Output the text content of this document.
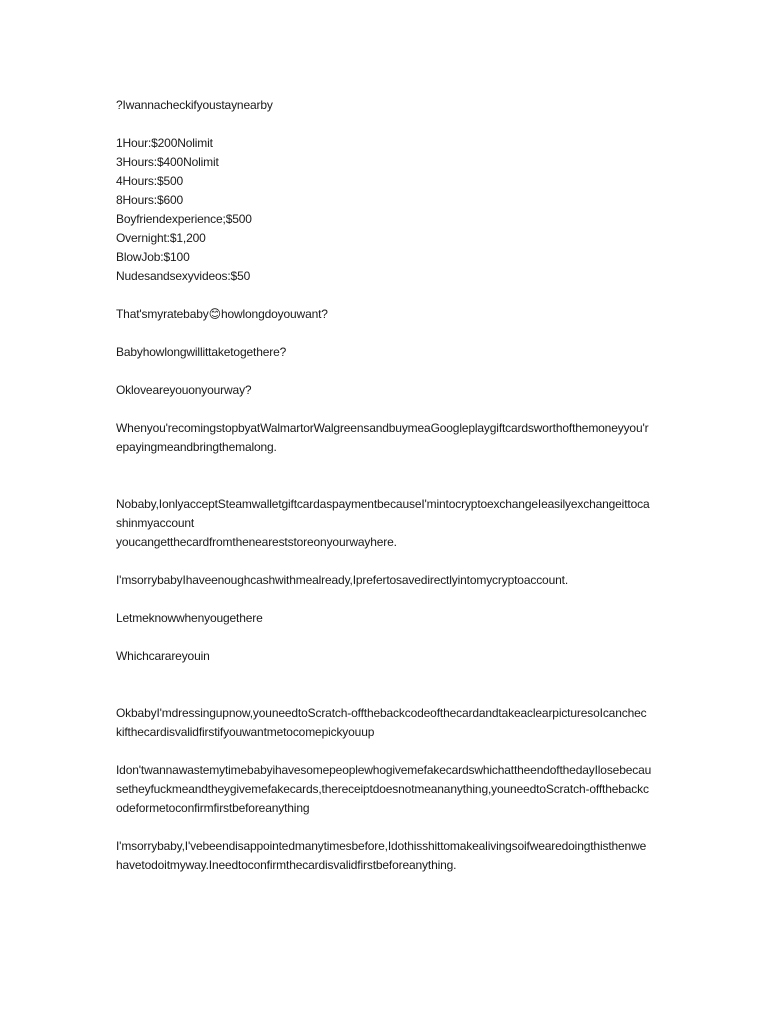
?Iwannacheckifyoustaynearby
1Hour:$200Nolimit
3Hours:$400Nolimit
4Hours:$500
8Hours:$600
Boyfriendexperience;$500
Overnight:$1,200
BlowJob:$100
Nudesandsexyvideos:$50
That'smyratebaby😊howlongdoyouwant?
Babyhowlongwillittaketogethere?
Okloveareyouonyourway?
Whenyou'recomingstopbyatWalmartorWalgreensandbuymeaGoogleplaygiftcardsworthofthemoneyyou'repayingmeandbringthemalong.
Nobaby,IonlyacceptSteamwalletgiftcardaspaymentbecauseI'mintocryptoexchangeIeasilyexchangeittocashinmyaccount
youcangetthecardfromtheneareststoreonyourwayhere.
I'msorrybabyIhaveenoughcashwithmealready,Iprefertosavedirectlyintomycryptoaccount.
Letmeknowwhenyougethere
Whichcarareyouin
OkbabyI'mdressingupnow,youneedtoScratch-offthebackcodeofthecardandtakeaclearpicturesoIcancheckifthecardisvalidfirstifyouwantmetocomepickyouup
Idon'twannawastemytimebabyihavesomepeoplewhogivemefakecardswhichattheendofthedayIlosebecausetheyfuckmeandtheygivemefakecards,thereceiptdoesnotmeananything,youneedtoScratch-offthebackcodeformetoconfirmfirstbeforeanything
I'msorrybaby,I'vebeendisappointedmanytimesbefore,Idothisshittomakealivingsoifwearedoingthisthenwehavetodoitmyway.Ineedtoconfirmthecardisvalidfirstbeforeanything.
